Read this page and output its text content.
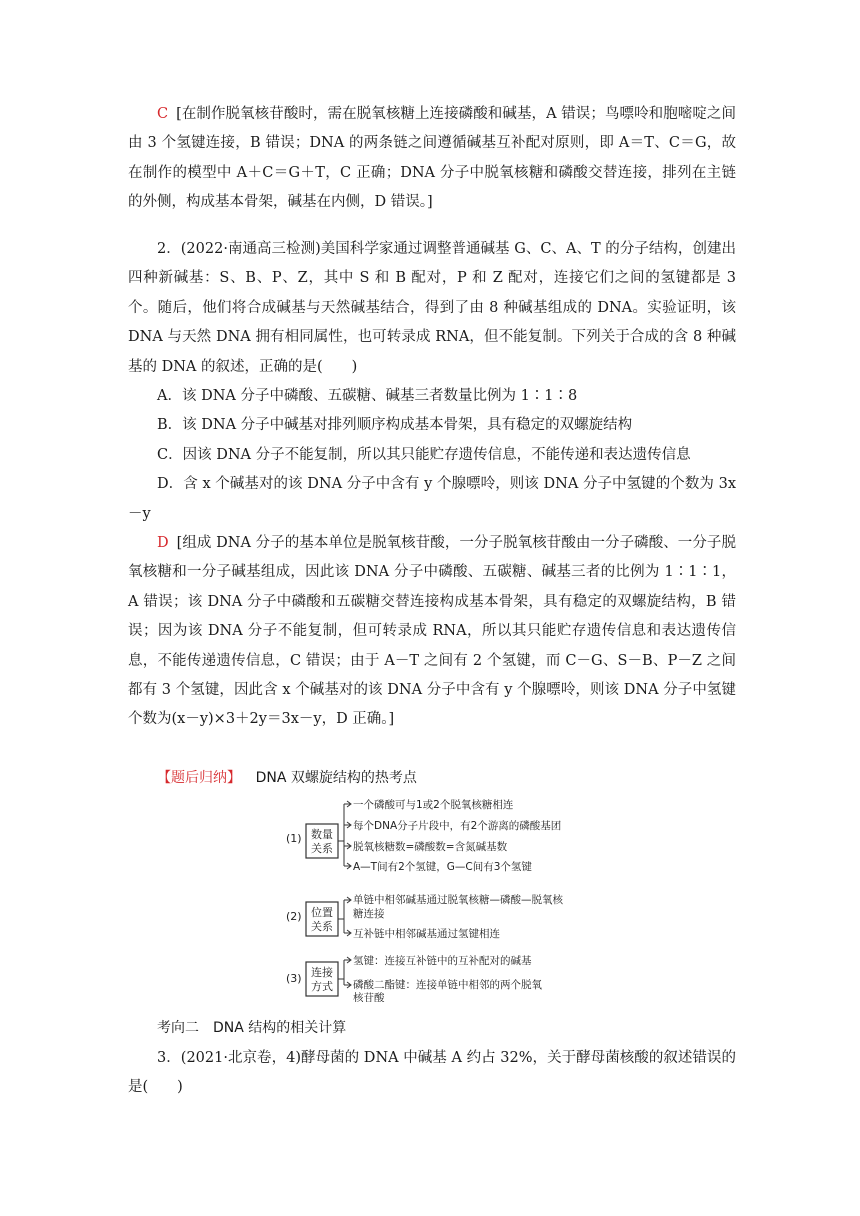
C [在制作脱氧核苷酸时，需在脱氧核糖上连接磷酸和碱基，A 错误；鸟嘌呤和胞嘧啶之间由 3 个氢键连接，B 错误；DNA 的两条链之间遵循碱基互补配对原则，即 A＝T、C＝G，故在制作的模型中 A＋C＝G＋T，C 正确；DNA 分子中脱氧核糖和磷酸交替连接，排列在主链的外侧，构成基本骨架，碱基在内侧，D 错误。]

2．(2022·南通高三检测)美国科学家通过调整普通碱基 G、C、A、T 的分子结构，创建出四种新碱基：S、B、P、Z，其中 S 和 B 配对，P 和 Z 配对，连接它们之间的氢键都是 3 个。随后，他们将合成碱基与天然碱基结合，得到了由 8 种碱基组成的 DNA。实验证明，该 DNA 与天然 DNA 拥有相同属性，也可转录成 RNA，但不能复制。下列关于合成的含 8 种碱基的 DNA 的叙述，正确的是(　　)

A．该 DNA 分子中磷酸、五碳糖、碱基三者数量比例为 1∶1∶8

B．该 DNA 分子中碱基对排列顺序构成基本骨架，具有稳定的双螺旋结构

C．因该 DNA 分子不能复制，所以其只能贮存遗传信息，不能传递和表达遗传信息

D．含 x 个碱基对的该 DNA 分子中含有 y 个腺嘌呤，则该 DNA 分子中氢键的个数为 3x－y

D [组成 DNA 分子的基本单位是脱氧核苷酸，一分子脱氧核苷酸由一分子磷酸、一分子脱氧核糖和一分子碱基组成，因此该 DNA 分子中磷酸、五碳糖、碱基三者的比例为 1∶1∶1，A 错误；该 DNA 分子中磷酸和五碳糖交替连接构成基本骨架，具有稳定的双螺旋结构，B 错误；因为该 DNA 分子不能复制，但可转录成 RNA，所以其只能贮存遗传信息和表达遗传信息，不能传递遗传信息，C 错误；由于 A－T 之间有 2 个氢键，而 C－G、S－B、P－Z 之间都有 3 个氢键，因此含 x 个碱基对的该 DNA 分子中含有 y 个腺嘌呤，则该 DNA 分子中氢键个数为(x－y)×3＋2y＝3x－y，D 正确。]

【题后归纳】 DNA 双螺旋结构的热考点

考向二　DNA 结构的相关计算

3．(2021·北京卷，4)酵母菌的 DNA 中碱基 A 约占 32%，关于酵母菌核酸的叙述错误的是(　　)

(1) 数量
关系
一个磷酸可与1或2个脱氧核糖相连
每个DNA分子片段中，有2个游离的磷酸基团
脱氧核糖数=磷酸数=含氮碱基数
A—T间有2个氢键，G—C间有3个氢键
(2) 位置
关系
单链中相邻碱基通过脱氧核糖—磷酸—脱氧核
糖连接
互补链中相邻碱基通过氢键相连
(3) 连接
方式
氢键：连接互补链中的互补配对的碱基
磷酸二酯键：连接单链中相邻的两个脱氧
核苷酸
